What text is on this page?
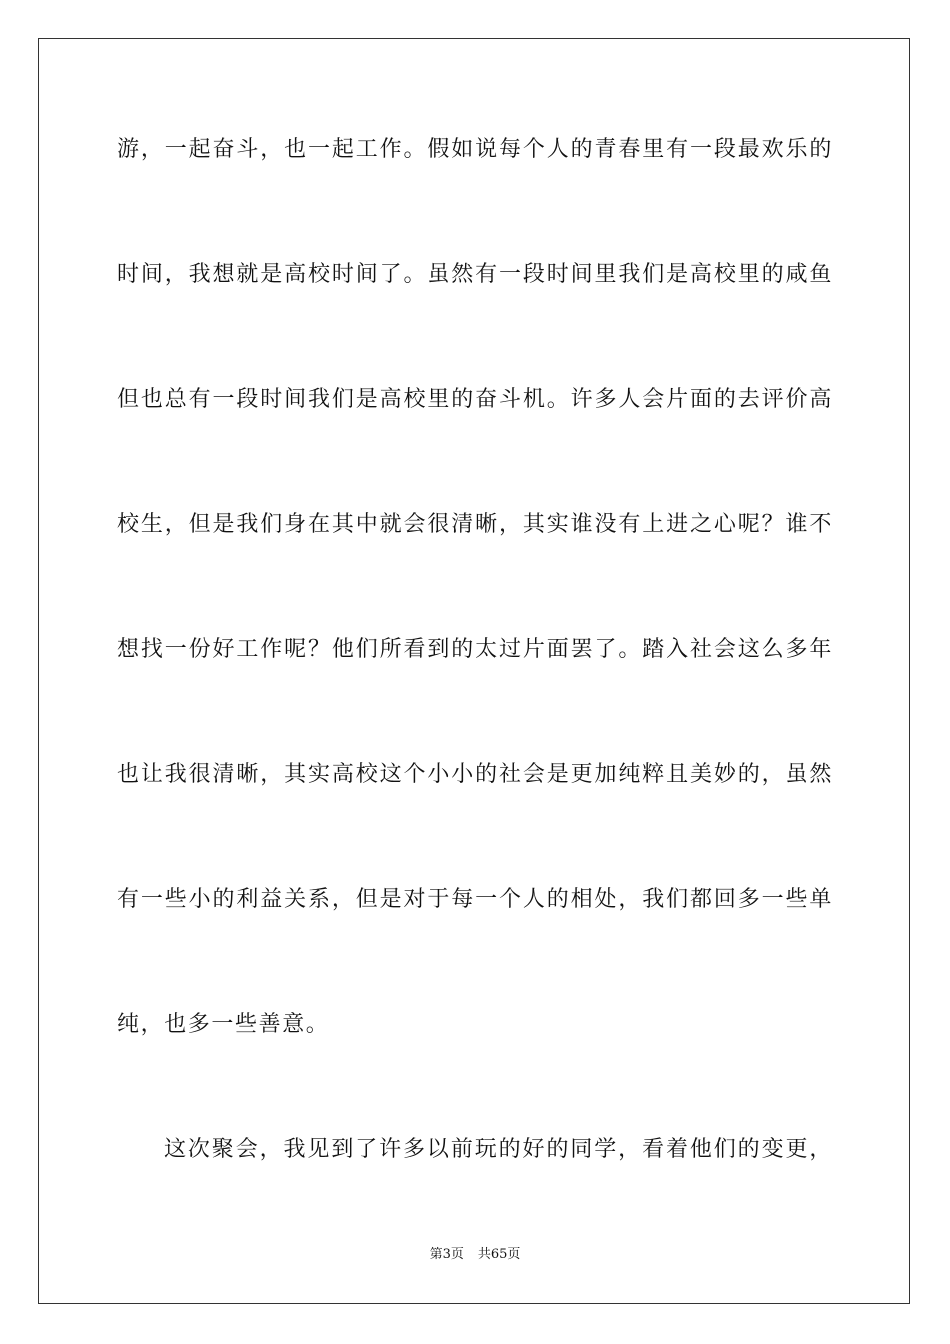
游，一起奋斗，也一起工作。假如说每个人的青春里有一段最欢乐的
时间，我想就是高校时间了。虽然有一段时间里我们是高校里的咸鱼
但也总有一段时间我们是高校里的奋斗机。许多人会片面的去评价高
校生，但是我们身在其中就会很清晰，其实谁没有上进之心呢？谁不
想找一份好工作呢？他们所看到的太过片面罢了。踏入社会这么多年
也让我很清晰，其实高校这个小小的社会是更加纯粹且美妙的，虽然
有一些小的利益关系，但是对于每一个人的相处，我们都回多一些单
纯，也多一些善意。
这次聚会，我见到了许多以前玩的好的同学，看着他们的变更，
第3页 共65页
